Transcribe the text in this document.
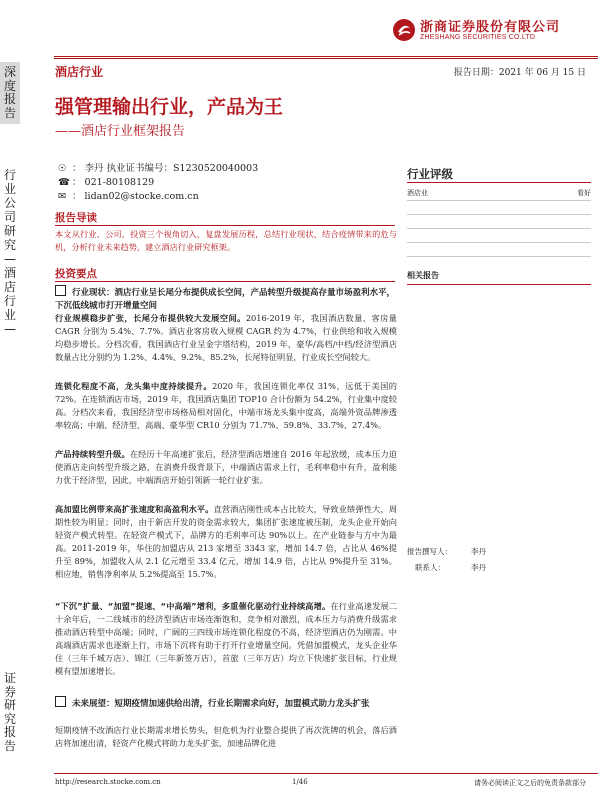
深度报告
行业公司研究—酒店行业—
证券研究报告
浙商证券股份有限公司
ZHESHANG SECURITIES CO.LTD
酒店行业	报告日期：2021 年 06 月 15 日
强管理输出行业，产品为王
——酒店行业框架报告
☉ ： 李丹 执业证书编号：S1230520040003
☎ ： 021-80108129
✉ ： lidan02@stocke.com.cn
报告导读
本文从行业、公司、投资三个视角切入，复盘发展历程，总结行业现状，结合疫情带来的危与机，分析行业未来趋势，建立酒店行业研究框架。
投资要点
行业现状：酒店行业呈长尾分布提供成长空间，产品转型升级提高存量市场盈利水平，下沉低线城市打开增量空间
行业规模稳步扩张，长尾分布提供较大发展空间。2016-2019 年，我国酒店数量、客房量 CAGR 分别为 5.4%、7.7%。酒店业客房收入规模 CAGR 约为 4.7%，行业供给和收入规模均稳步增长。分档次看，我国酒店行业呈金字塔结构，2019 年，豪华/高档/中档/经济型酒店数量占比分别约为 1.2%、4.4%、9.2%、85.2%，长尾特征明显，行业成长空间较大。
连锁化程度不高，龙头集中度持续提升。2020 年，我国连锁化率仅 31%，远低于美国的 72%。在连锁酒店市场，2019 年，我国酒店集团 TOP10 合计份额为 54.2%，行业集中度较高。分档次来看，我国经济型市场格局相对固化，中端市场龙头集中度高，高端外资品牌渗透率较高；中端、经济型、高端、豪华型 CR10 分别为 71.7%、59.8%、33.7%、27.4%。
产品持续转型升级。在经历十年高速扩张后，经济型酒店增速自 2016 年起放缓，成本压力迫使酒店走向转型升级之路，在消费升级背景下，中端酒店需求上行，毛利率稳中有升，盈利能力优于经济型，因此，中端酒店开始引领新一轮行业扩张。
高加盟比例带来高扩张速度和高盈利水平。直营酒店刚性成本占比较大，导致业绩弹性大，周期性较为明显；同时，由于新店开发的资金需求较大，集团扩张速度被压制，龙头企业开始向轻资产模式转型。在轻资产模式下，品牌方的毛利率可达 90%以上。在产业链参与方中为最高。2011-2019 年，华住的加盟店从 213 家增至 3343 家，增加 14.7 倍，占比从 46%提升至 89%，加盟收入从 2.1 亿元增至 33.4 亿元，增加 14.9 倍，占比从 9%提升至 31%。相应地，销售净利率从 5.2%提高至 15.7%。
“下沉”扩量、“加盟”提速、“中高端”增利，多重催化驱动行业持续高增。在行业高速发展二十余年后，一二线城市的经济型酒店市场连渐饱和，竞争相对激烈，成本压力与消费升级需求推动酒店转型中高端；同时，广阔的三四线市场连锁化程度仍不高，经济型酒店仍为刚需。中高端酒店需求也逐渐上行，市场下沉将有助于打开行业增量空间。凭借加盟模式，龙头企业华住（三年千城万店）、锦江（三年新签万店），首旅（三年万店）均立下快速扩张目标，行业规模有望加速增长。
未来展望：短期疫情加速供给出清，行业长期需求向好，加盟模式助力龙头扩张
短期疫情不改酒店行业长期需求增长势头，但危机为行业整合提供了再次洗牌的机会，落后酒店将加速出清，轻资产化模式将助力龙头扩张，加速品牌化进
行业评级
酒店业	看好
相关报告
报告撰写人：	李丹
联系人：	李丹
http://research.stocke.com.cn	1/46	请务必阅读正文之后的免责条款部分
